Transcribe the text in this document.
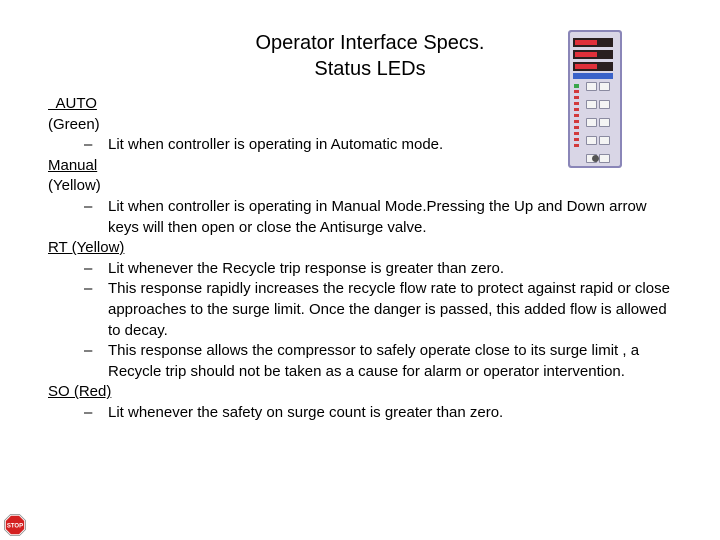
Operator Interface Specs.
Status LEDs

AUTO
(Green)
– Lit when controller is operating in Automatic mode.
Manual
(Yellow)
– Lit when controller is operating in Manual Mode.Pressing the Up and Down arrow keys will then open or close the Antisurge valve.
RT (Yellow)
– Lit whenever the Recycle trip response is greater than zero.
– This response rapidly increases the recycle flow rate to protect against rapid or close approaches to the surge limit. Once the danger is passed, this added flow is allowed to decay.
– This response allows the compressor to safely operate close to its surge limit , a Recycle trip should not be taken as a cause for alarm or operator intervention.
SO (Red)
– Lit whenever the safety on surge count is greater than zero.
STOP
